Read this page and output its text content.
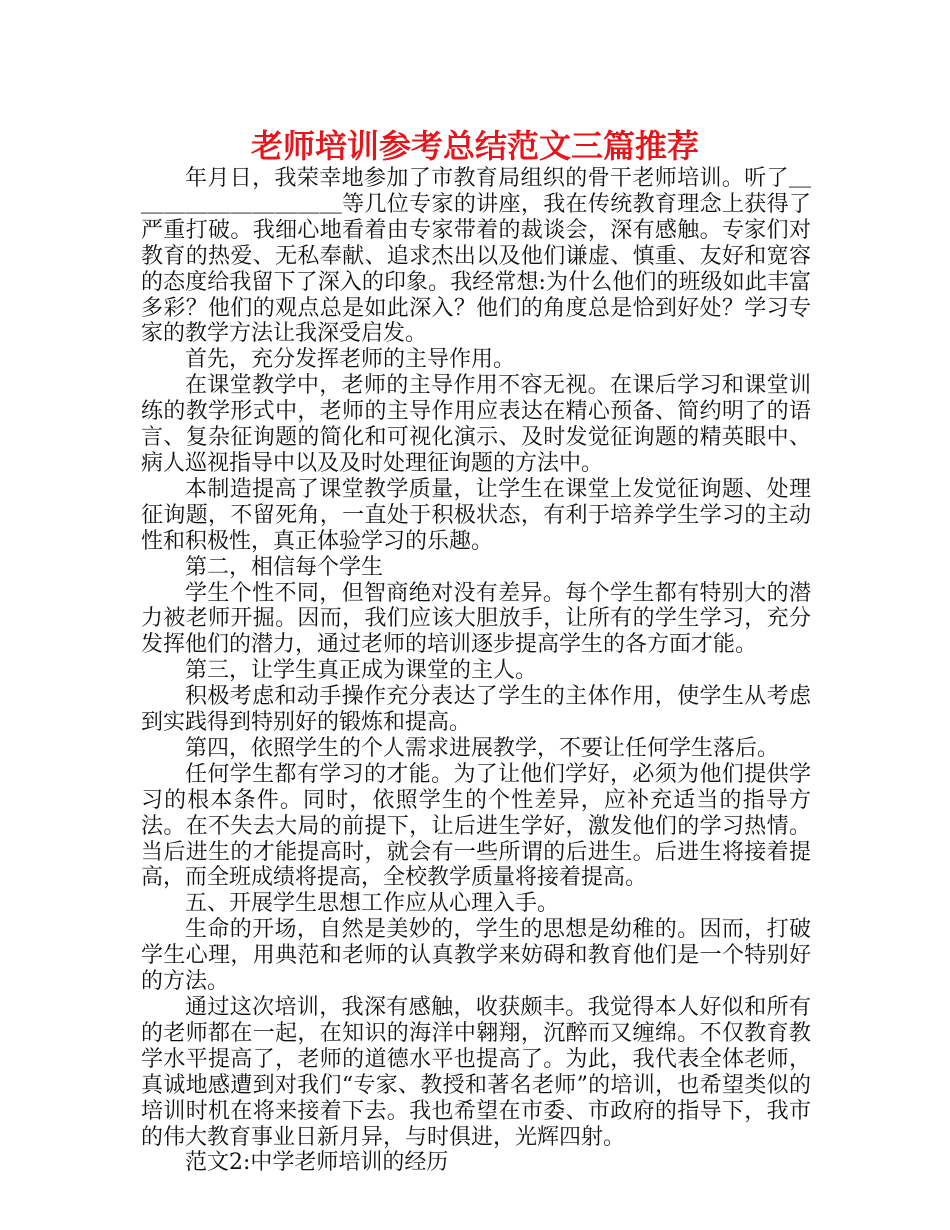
老师培训参考总结范文三篇推荐

年月日，我荣幸地参加了市教育局组织的骨干老师培训。听了＿＿＿＿＿＿＿＿＿＿等几位专家的讲座，我在传统教育理念上获得了严重打破。我细心地看着由专家带着的裁谈会，深有感触。专家们对教育的热爱、无私奉献、追求杰出以及他们谦虚、慎重、友好和宽容的态度给我留下了深入的印象。我经常想:为什么他们的班级如此丰富多彩？他们的观点总是如此深入？他们的角度总是恰到好处？学习专家的教学方法让我深受启发。

首先，充分发挥老师的主导作用。

在课堂教学中，老师的主导作用不容无视。在课后学习和课堂训练的教学形式中，老师的主导作用应表达在精心预备、简约明了的语言、复杂征询题的简化和可视化演示、及时发觉征询题的精英眼中、病人巡视指导中以及及时处理征询题的方法中。

本制造提高了课堂教学质量，让学生在课堂上发觉征询题、处理征询题，不留死角，一直处于积极状态，有利于培养学生学习的主动性和积极性，真正体验学习的乐趣。

第二，相信每个学生

学生个性不同，但智商绝对没有差异。每个学生都有特别大的潜力被老师开掘。因而，我们应该大胆放手，让所有的学生学习，充分发挥他们的潜力，通过老师的培训逐步提高学生的各方面才能。

第三，让学生真正成为课堂的主人。

积极考虑和动手操作充分表达了学生的主体作用，使学生从考虑到实践得到特别好的锻炼和提高。

第四，依照学生的个人需求进展教学，不要让任何学生落后。

任何学生都有学习的才能。为了让他们学好，必须为他们提供学习的根本条件。同时，依照学生的个性差异，应补充适当的指导方法。在不失去大局的前提下，让后进生学好，激发他们的学习热情。当后进生的才能提高时，就会有一些所谓的后进生。后进生将接着提高，而全班成绩将提高，全校教学质量将接着提高。

五、开展学生思想工作应从心理入手。

生命的开场，自然是美妙的，学生的思想是幼稚的。因而，打破学生心理，用典范和老师的认真教学来妨碍和教育他们是一个特别好的方法。

通过这次培训，我深有感触，收获颇丰。我觉得本人好似和所有的老师都在一起，在知识的海洋中翱翔，沉醉而又缠绵。不仅教育教学水平提高了，老师的道德水平也提高了。为此，我代表全体老师，真诚地感遭到对我们“专家、教授和著名老师”的培训，也希望类似的培训时机在将来接着下去。我也希望在市委、市政府的指导下，我市的伟大教育事业日新月异，与时俱进，光辉四射。

范文2:中学老师培训的经历
